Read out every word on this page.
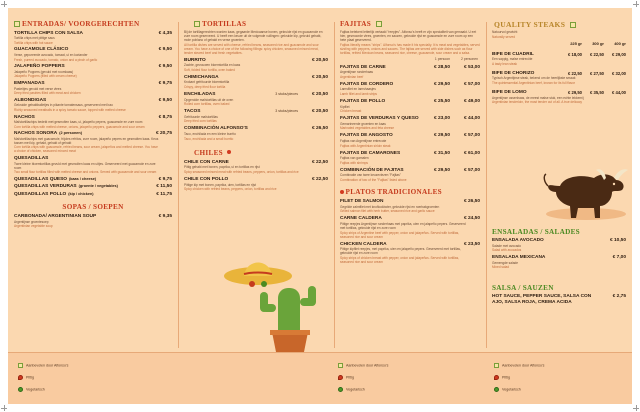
ENTRADAS/ VOORGERECHTEN
TORTILLA CHIPS CON SALSA	€ 4,35
Tortilla chips met pittige saus
Tortilla chips with hot sauce
GUACAMOLE CLÁSICO	€ 9,50
Verse, gepureerde avocado, tomaat, ui en koriander
Fresh, pureed avocado, tomato, onion and a pinch of garlic
JALAPEÑO POPPERS	€ 9,50
Jalapeño Poppers (gevuld met roomkaas)
Jalapeño Poppers (filled with cream cheese)
EMPANADAS	€ 9,75
Pasteitjes gevuld met verse vlees
Deep fried pastries filled with meat and chicken
ALBONDIGAS	€ 9,50
Gekruide gehaktballetjes in pikante tomatensaus, geserveerd met bao
Richly seasoned meatballs in a spicy tomato sauce, topped with melted cheese
NACHOS	€ 8,75
Maïstortillachips bedekt met gesmolten kaas, ui, jalapeño pepers, guacamole en zure room
Corn tortilla chips with melted cheese, onions, jalapeño peppers, guacamole and sour cream
NACHOS SONORA (2 personen)	€ 20,75
Maïstortillachips met guacamole, frijoles refritos, zure room, jalapeño pepers en gesmolten kaas. Keus tussen met kip, gehakt, gehakt of gehakt
Corn tortilla chips with guacamole, refried beans, sour cream, jalapeños and melted cheese. You have a choice of chicken, seasoned minced meat
QUESADILLAS
Twee kleine bloemtortillas gevuld met gesmolten kaas en uitjes. Geserveerd met guacamole en zure room
Two small flour tortillas filled with melted cheese and onions. Served with guacamole and sour cream
QUESADILLAS QUESO (kaas / cheese)	€ 9,75
QUESADILLAS VERDURAS (groente / vegetables)	€ 11,50
QUESADILLAS POLLO (kip / chicken)	€ 11,75
SOPAS / SOEPEN
CARBONADA/ ARGENTINIAN SOUP	€ 9,35
Argentijnse groentesoep
Argentinian vegetable soup
TORTILLAS
Bij de tortillagerechten worden kaas, gegaarde Mexicaanse bonen, gekruide rijst en guacamole en zure room geserveerd. U heeft een keuze uit de volgende vullingen: gekruide kip, gekruid gehakt, mole poblano of gehakt en verse groenten.
All tortilla dishes are served with cheese, refried beans, seasoned rice and guacamole and sour cream. You have a choice of one of the following fillings: spicy chicken, seasoned minced meat, tender stewed beef and fresh vegetables.
BURRITO	€ 20,50
Zachte, gevouwen bloemtortilla en kaas
Soft, folded flour tortilla, oven baked
CHIMICHANGA	€ 20,50
Krokant gefrituurde bloemtortilla
Crispy, deep fried flour tortilla
ENCHILADAS	3 stuks/pieces	€ 20,50
Opgerolde maïstortillas uit de oven
Rolled corn tortillas, oven baked
TACOS	3 stuks/pieces	€ 20,50
Gefrituurde maïstortillas
Deep fried corn tortillas
COMBINACIÓN ALFONSO'S	€ 26,50
Taco, enchilada en een kleine burrito
Taco, enchilada and a small burrito
CHILES
CHILE CON CARNE	€ 22,50
Pittig gehakt met bonen, paprika, ui en tortillas en rijst
Spicy seasoned minced meat with refried beans, peppers, onion, tortillas and rice
CHILE CON POLLO	€ 22,50
Pittige kip met bonen, paprika, uien, tortillas en rijst
Spicy chicken with refried beans, peppers, onion, tortillas and rice
FAJITAS
Fajitas betekent letterlijk vertaald "reepjes". Alfonso's heeft er zijn specialiteit van gemaakt. U eet hier, gesmoorde vlees, groenten, en sauzen, gekruide rijst en guacamole en zure room op een hete plaat geserveerd.
Fajitas literally means "strips". Alfonso's has made it his specialty. It is meat and vegetables, served sizzling with peppers, onions and sauces. The fajitas are served with side dishes such as flour tortillas, refried Mexican beans, seasoned rice, cheese, guacamole, sour cream and a salsa.
1 persoon	2 personen
FAJITAS DE CARNE	€ 28,50	€ 53,00
Argentijnse runderhaas
Argentinian beef
FAJITAS DE CORDERO	€ 29,50	€ 57,00
Lamsfilet en lamshaasjes
Lamb fillet and lamb strips
FAJITAS DE POLLO	€ 25,50	€ 49,00
Kipfilet
Chicken breast
FAJITAS DE VERDURAS Y QUESO	€ 23,00	€ 44,00
Gemarineerde groenten en kaas
Marinated vegetables and feta cheese
FAJITAS DE ANGOSTO	€ 29,50	€ 57,00
Fajitas van Argentijnse entrecote
Fajitas with Argentinian sirloin steak
FAJITAS DE CAMARONES	€ 31,50	€ 61,00
Fajitas van garnalen
Fajitas with shrimps
COMBINACIÓN DE FAJITAS	€ 29,50	€ 57,00
Combinatie van twee keuzevlezen "Fajitas"
Combination of two of the "Fajitas" listed above
PLATOS TRADICIONALES
FILET DE SALMON	€ 26,50
Gegrilde zalmfilet met knoflookboter, gekruide rijst en roerbakgroenten
Grilled salmon filet with herb butter, seasoned rice and garlic sauce
CARNE CALDERA	€ 24,50
Pittige reepjes Argentijnse runderhaas met paprika, uien en jalapeño pepers. Geserveerd met tortillas, gekruide rijst en zure room
Spicy strips of Argentine beef with pepper, onion and jalapeños. Served with tortillas, seasoned rice and sour cream
CHICKEN CALDERA	€ 23,50
Pittige kipfilet reepjes, met paprika, uien en jalapeño pepers. Geserveerd met tortillas, gekruide rijst en zure room
Spicy strips of chicken breast with pepper, onion and jalapeños. Served with tortillas, seasoned rice and sour cream
QUALITY STEAKS
Natuurvol gewicht
Naturally served
225 gr	300 gr	400 gr
BIFE DE CUADRIL	€ 18,00 € 22,50 € 29,00
Een sappig, malse entrecôte
A tasty lean steak
BIFE DE CHORIZO	€ 22,50 € 27,50 € 32,00
Typisch Argentijnse steak, bekend om de heerlijkste smaak
The quintessential Argentinian beef, known for its full flavor
BIFE DE LOMO	€ 29,50 € 35,50 € 44,00
Argentijnse ossenhaas, de meest malse stuk, een echte lekkernij
Argentinian tenderloin, the most tender cut of all. A true delicacy
ENSALADAS / SALADES
ENSALADA AVOCADO	€ 10,50
Salade met avocado
Salad with avocados
ENSALADA MEXICANA	€ 7,00
Gemengde salade
Mixed salad
SALSA / SAUZEN
HOT SAUCE, PEPPER SAUCE, SALSA CON AJO, SALSA ROJA, CREMA ACIDA
€ 2,75
Aanbevolen door Alfonso's
Pittig
Vegetarisch
Aanbevolen door Alfonso's
Pittig
Vegetarisch
Aanbevolen door Alfonso's
Pittig
Vegetarisch
